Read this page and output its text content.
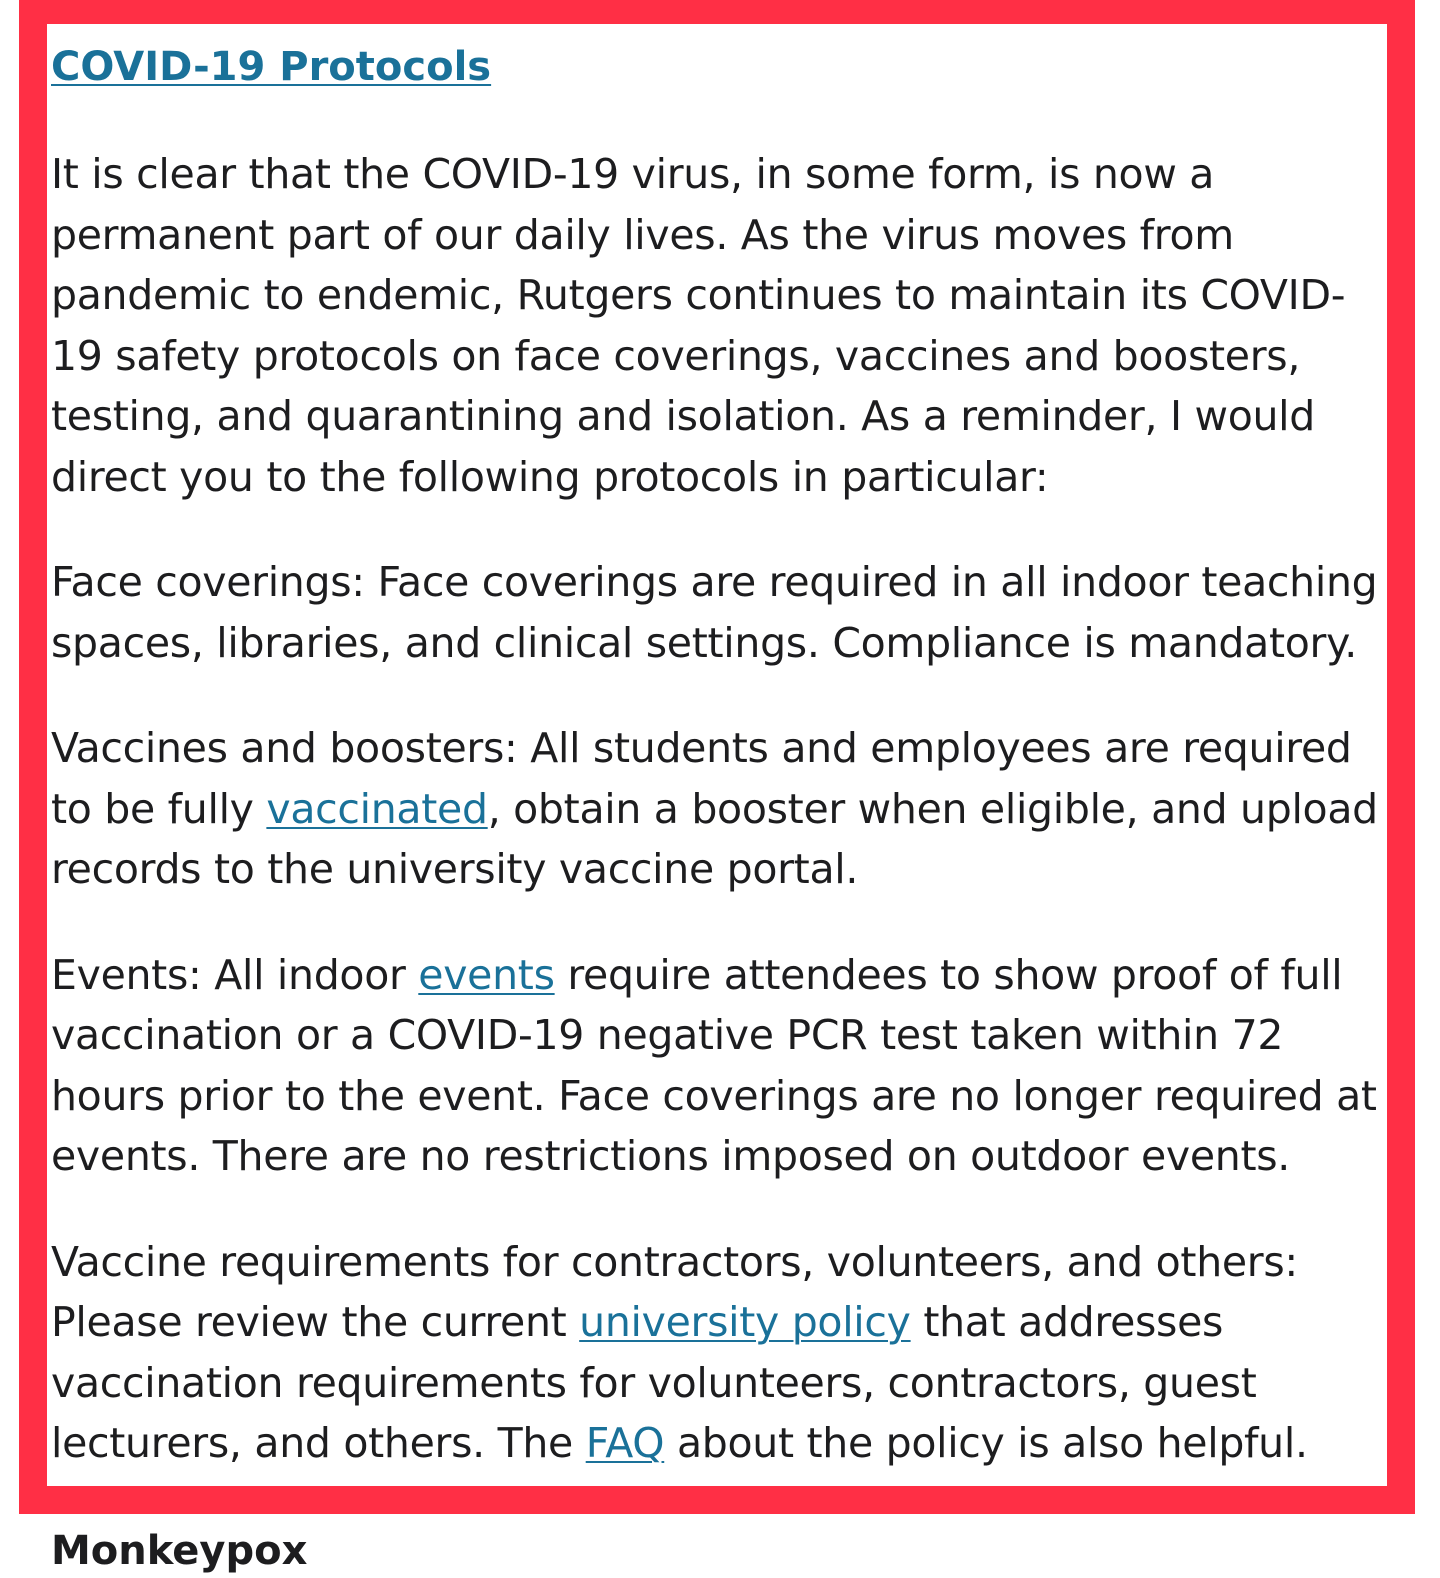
COVID-19 Protocols

It is clear that the COVID-19 virus, in some form, is now a permanent part of our daily lives. As the virus moves from pandemic to endemic, Rutgers continues to maintain its COVID-19 safety protocols on face coverings, vaccines and boosters, testing, and quarantining and isolation. As a reminder, I would direct you to the following protocols in particular:

Face coverings: Face coverings are required in all indoor teaching spaces, libraries, and clinical settings. Compliance is mandatory.

Vaccines and boosters: All students and employees are required to be fully vaccinated, obtain a booster when eligible, and upload records to the university vaccine portal.

Events: All indoor events require attendees to show proof of full vaccination or a COVID-19 negative PCR test taken within 72 hours prior to the event. Face coverings are no longer required at events. There are no restrictions imposed on outdoor events.

Vaccine requirements for contractors, volunteers, and others: Please review the current university policy that addresses vaccination requirements for volunteers, contractors, guest lecturers, and others. The FAQ about the policy is also helpful.

Monkeypox
